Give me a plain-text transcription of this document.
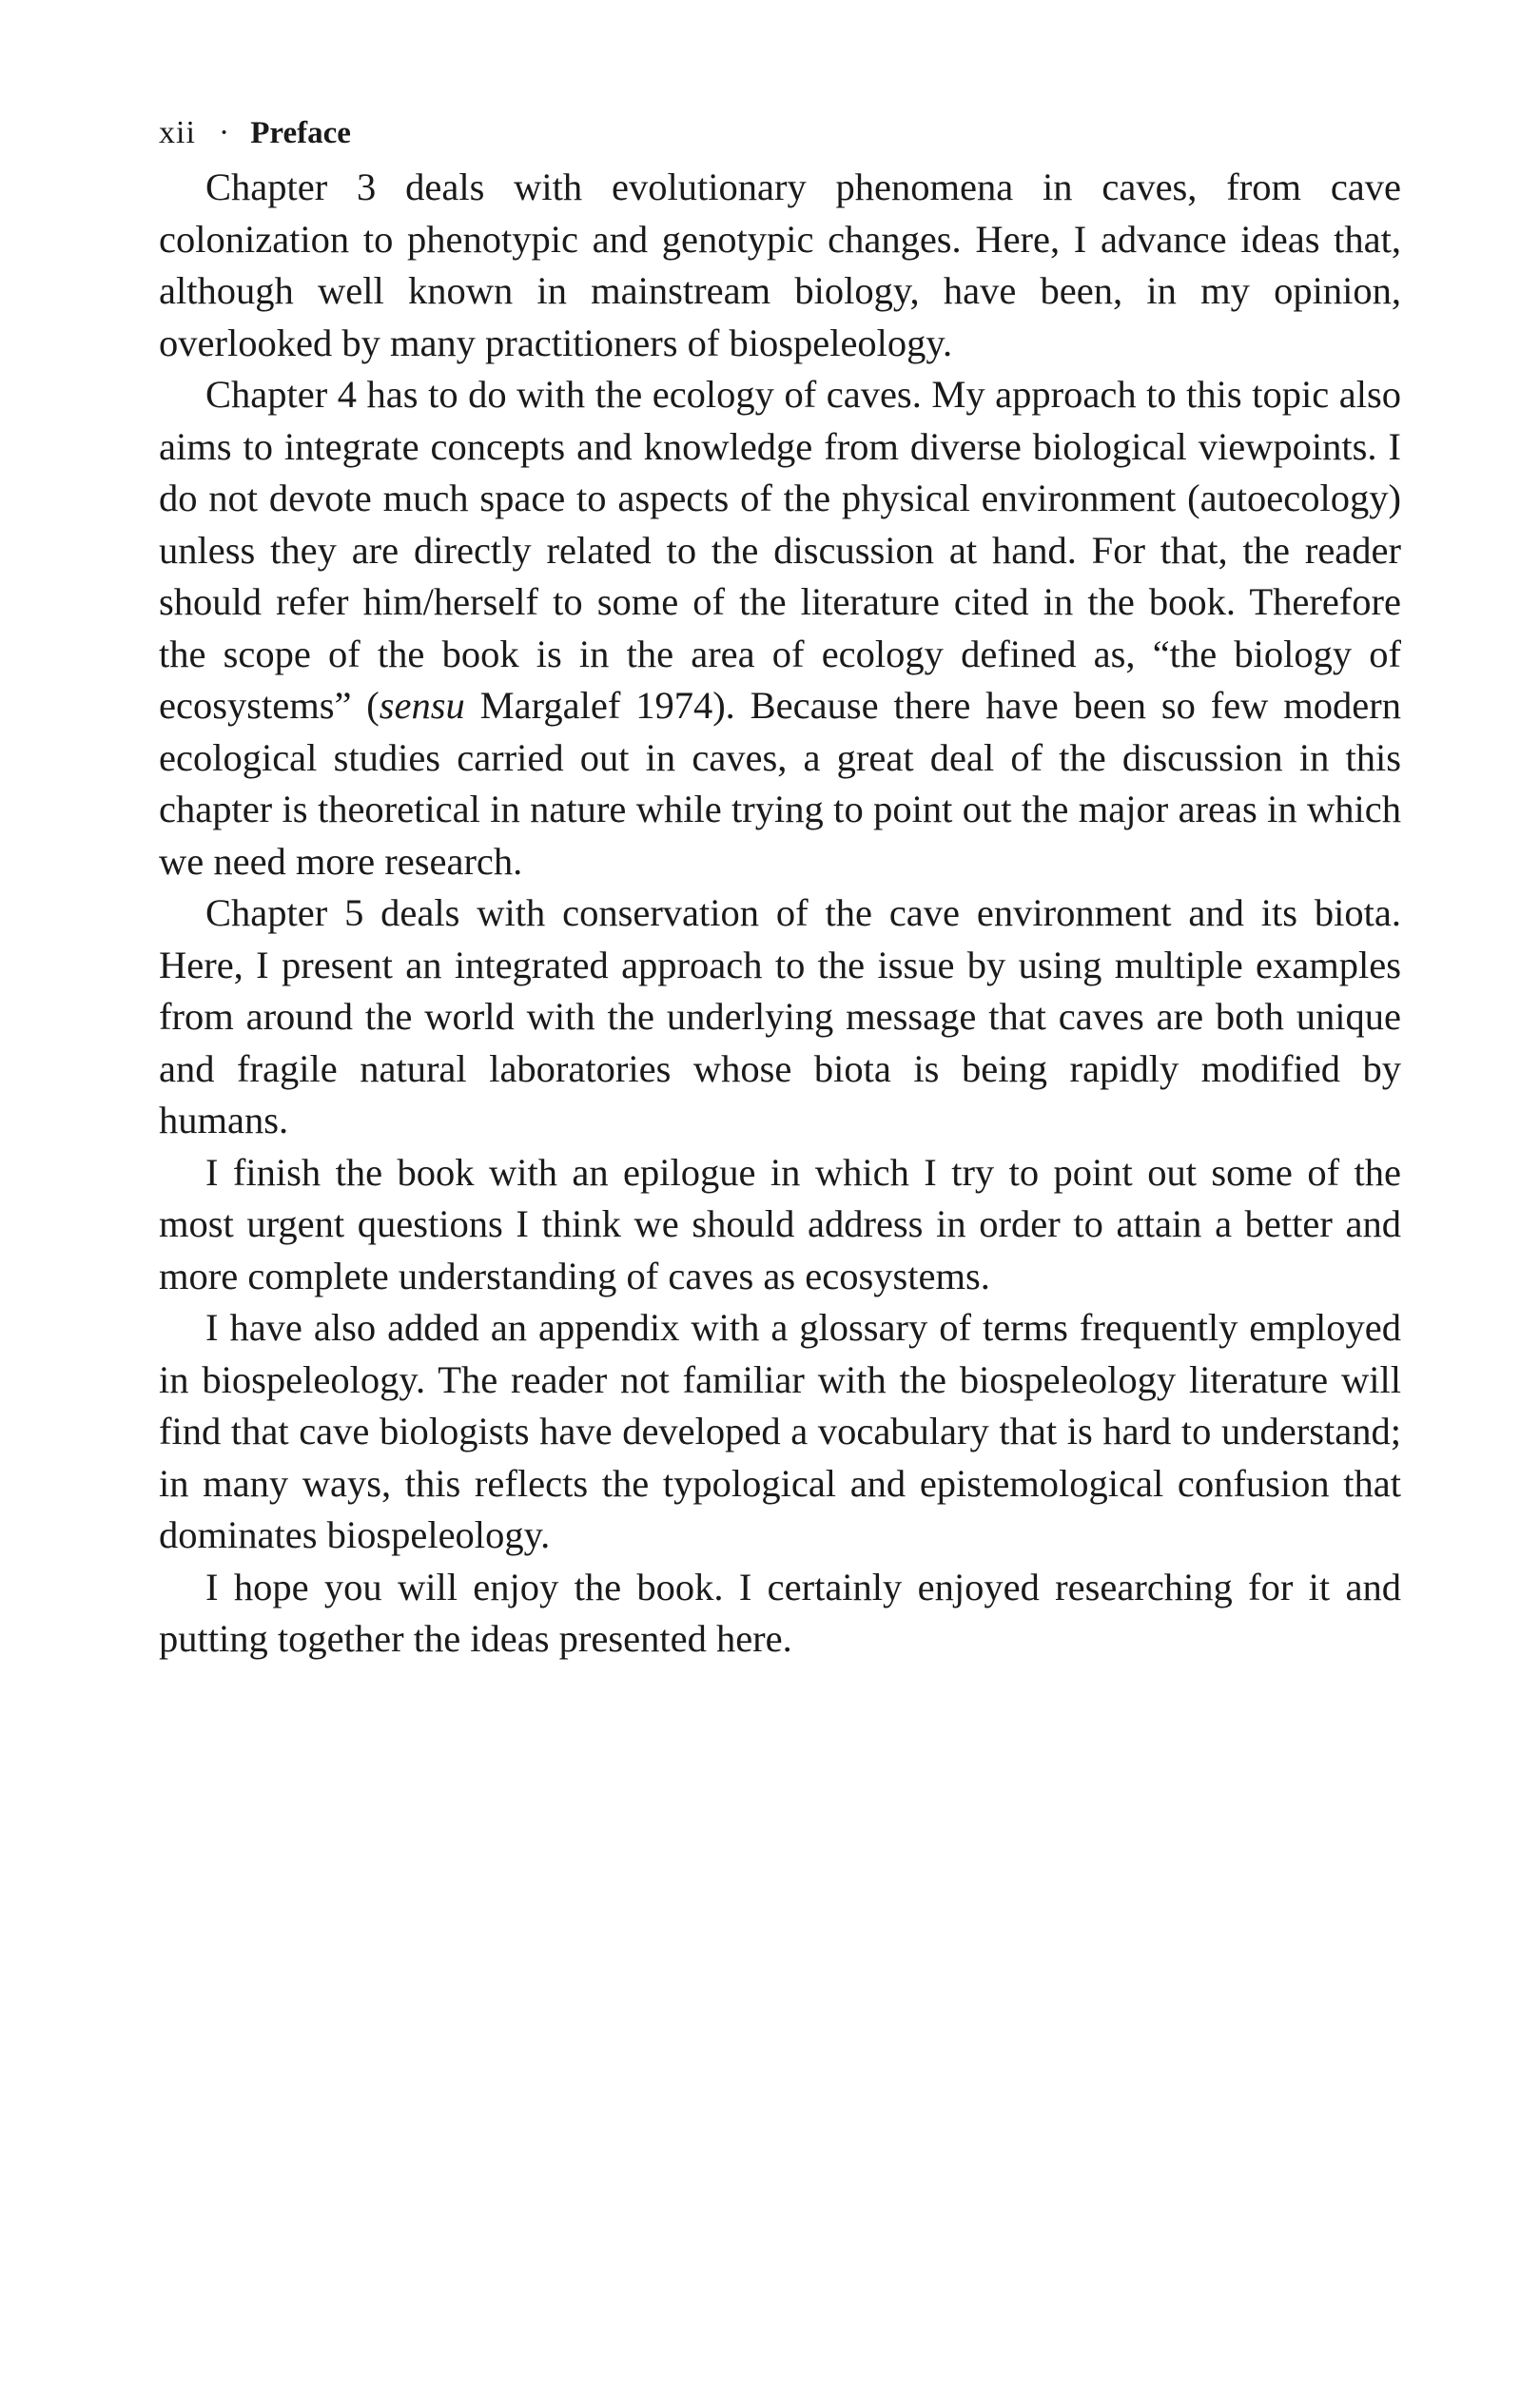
xii · Preface

Chapter 3 deals with evolutionary phenomena in caves, from cave colonization to phenotypic and genotypic changes. Here, I advance ideas that, although well known in mainstream biology, have been, in my opinion, overlooked by many practitioners of biospeleology.

Chapter 4 has to do with the ecology of caves. My approach to this topic also aims to integrate concepts and knowledge from diverse biological viewpoints. I do not devote much space to aspects of the physical environment (autoecology) unless they are directly related to the discussion at hand. For that, the reader should refer him/herself to some of the literature cited in the book. Therefore the scope of the book is in the area of ecology defined as, “the biology of ecosystems” (sensu Margalef 1974). Because there have been so few modern ecological studies carried out in caves, a great deal of the discussion in this chapter is theoretical in nature while trying to point out the major areas in which we need more research.

Chapter 5 deals with conservation of the cave environment and its biota. Here, I present an integrated approach to the issue by using multiple examples from around the world with the underlying message that caves are both unique and fragile natural laboratories whose biota is being rapidly modified by humans.

I finish the book with an epilogue in which I try to point out some of the most urgent questions I think we should address in order to attain a better and more complete understanding of caves as ecosystems.

I have also added an appendix with a glossary of terms frequently employed in biospeleology. The reader not familiar with the biospeleology literature will find that cave biologists have developed a vocabulary that is hard to understand; in many ways, this reflects the typological and epistemological confusion that dominates biospeleology.

I hope you will enjoy the book. I certainly enjoyed researching for it and putting together the ideas presented here.
